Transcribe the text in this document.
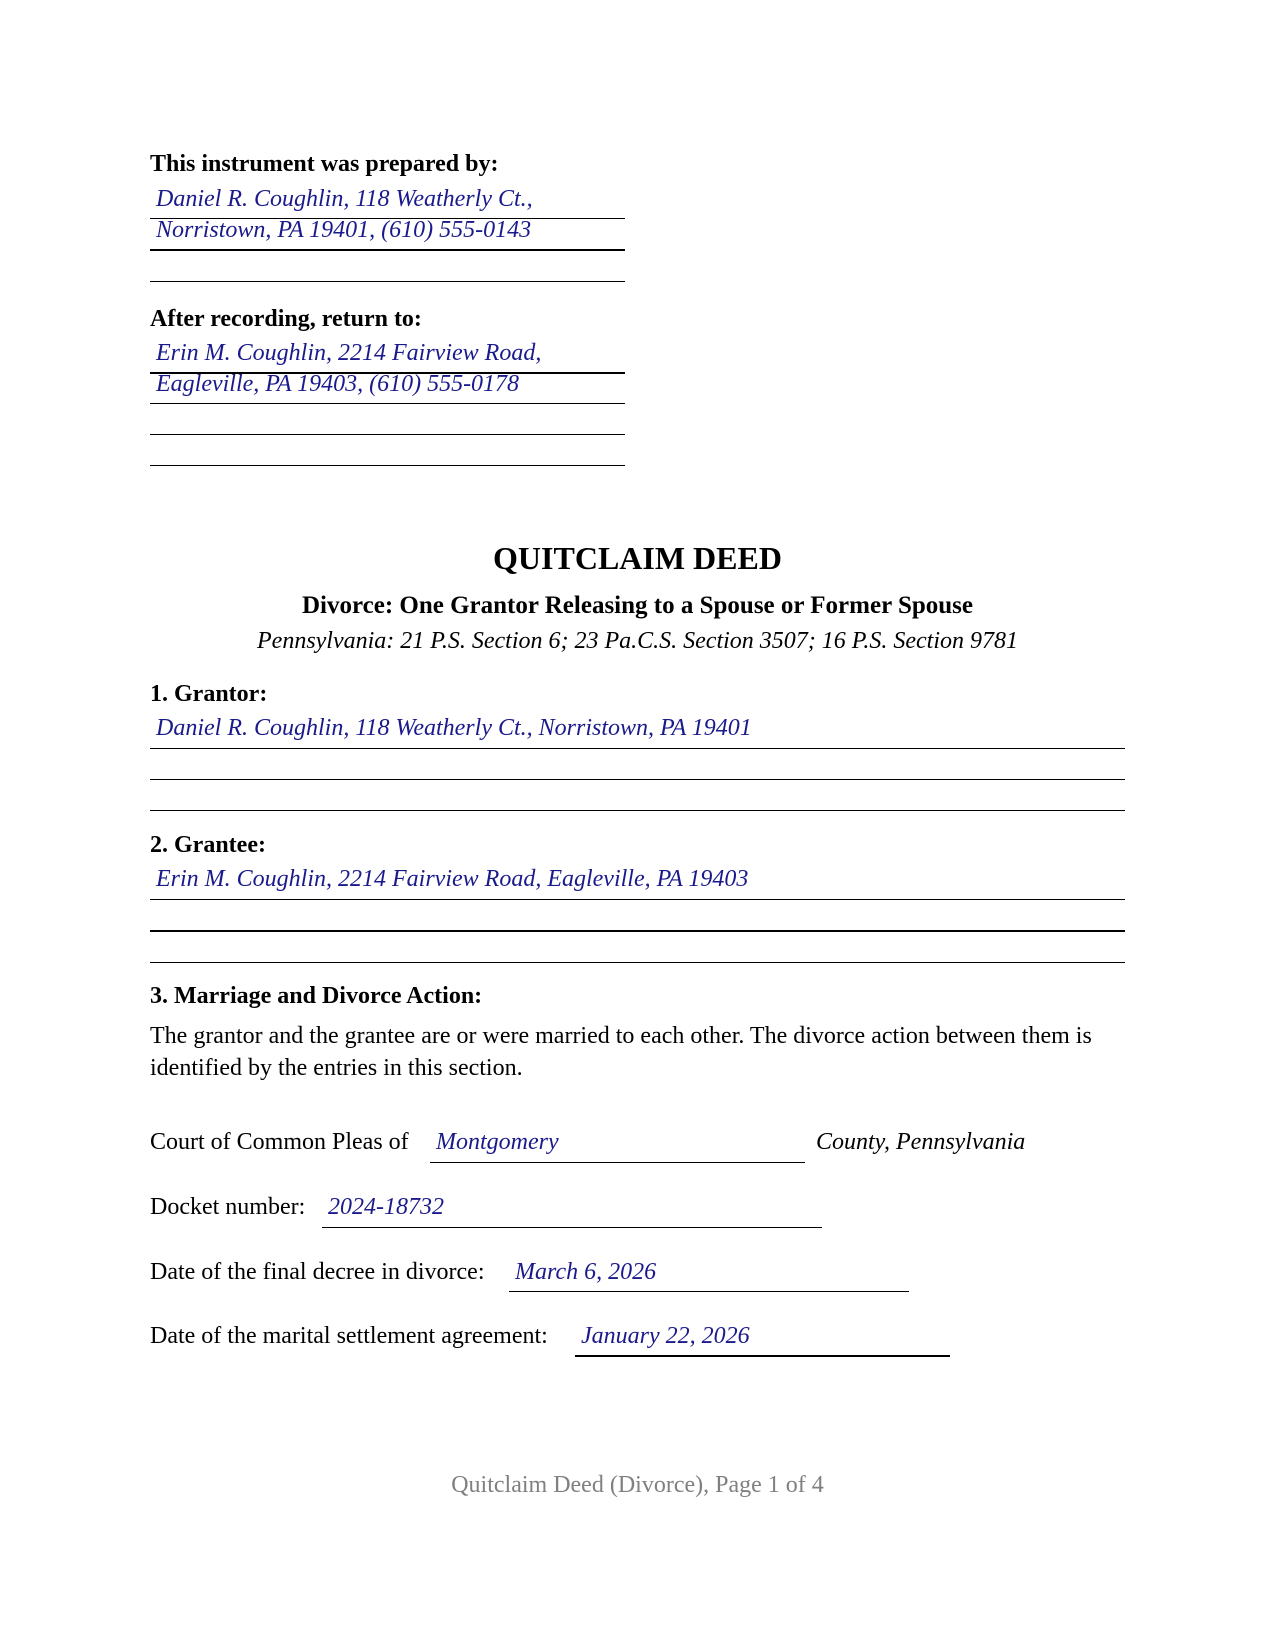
This instrument was prepared by:
Daniel R. Coughlin, 118 Weatherly Ct.,
Norristown, PA 19401, (610) 555-0143
After recording, return to:
Erin M. Coughlin, 2214 Fairview Road,
Eagleville, PA 19403, (610) 555-0178
QUITCLAIM DEED
Divorce: One Grantor Releasing to a Spouse or Former Spouse
Pennsylvania: 21 P.S. Section 6; 23 Pa.C.S. Section 3507; 16 P.S. Section 9781
1. Grantor:
Daniel R. Coughlin, 118 Weatherly Ct., Norristown, PA 19401
2. Grantee:
Erin M. Coughlin, 2214 Fairview Road, Eagleville, PA 19403
3. Marriage and Divorce Action:
The grantor and the grantee are or were married to each other. The divorce action between them is identified by the entries in this section.
Court of Common Pleas of Montgomery	County, Pennsylvania
Docket number: 2024-18732
Date of the final decree in divorce: March 6, 2026
Date of the marital settlement agreement: January 22, 2026
Quitclaim Deed (Divorce), Page 1 of 4
